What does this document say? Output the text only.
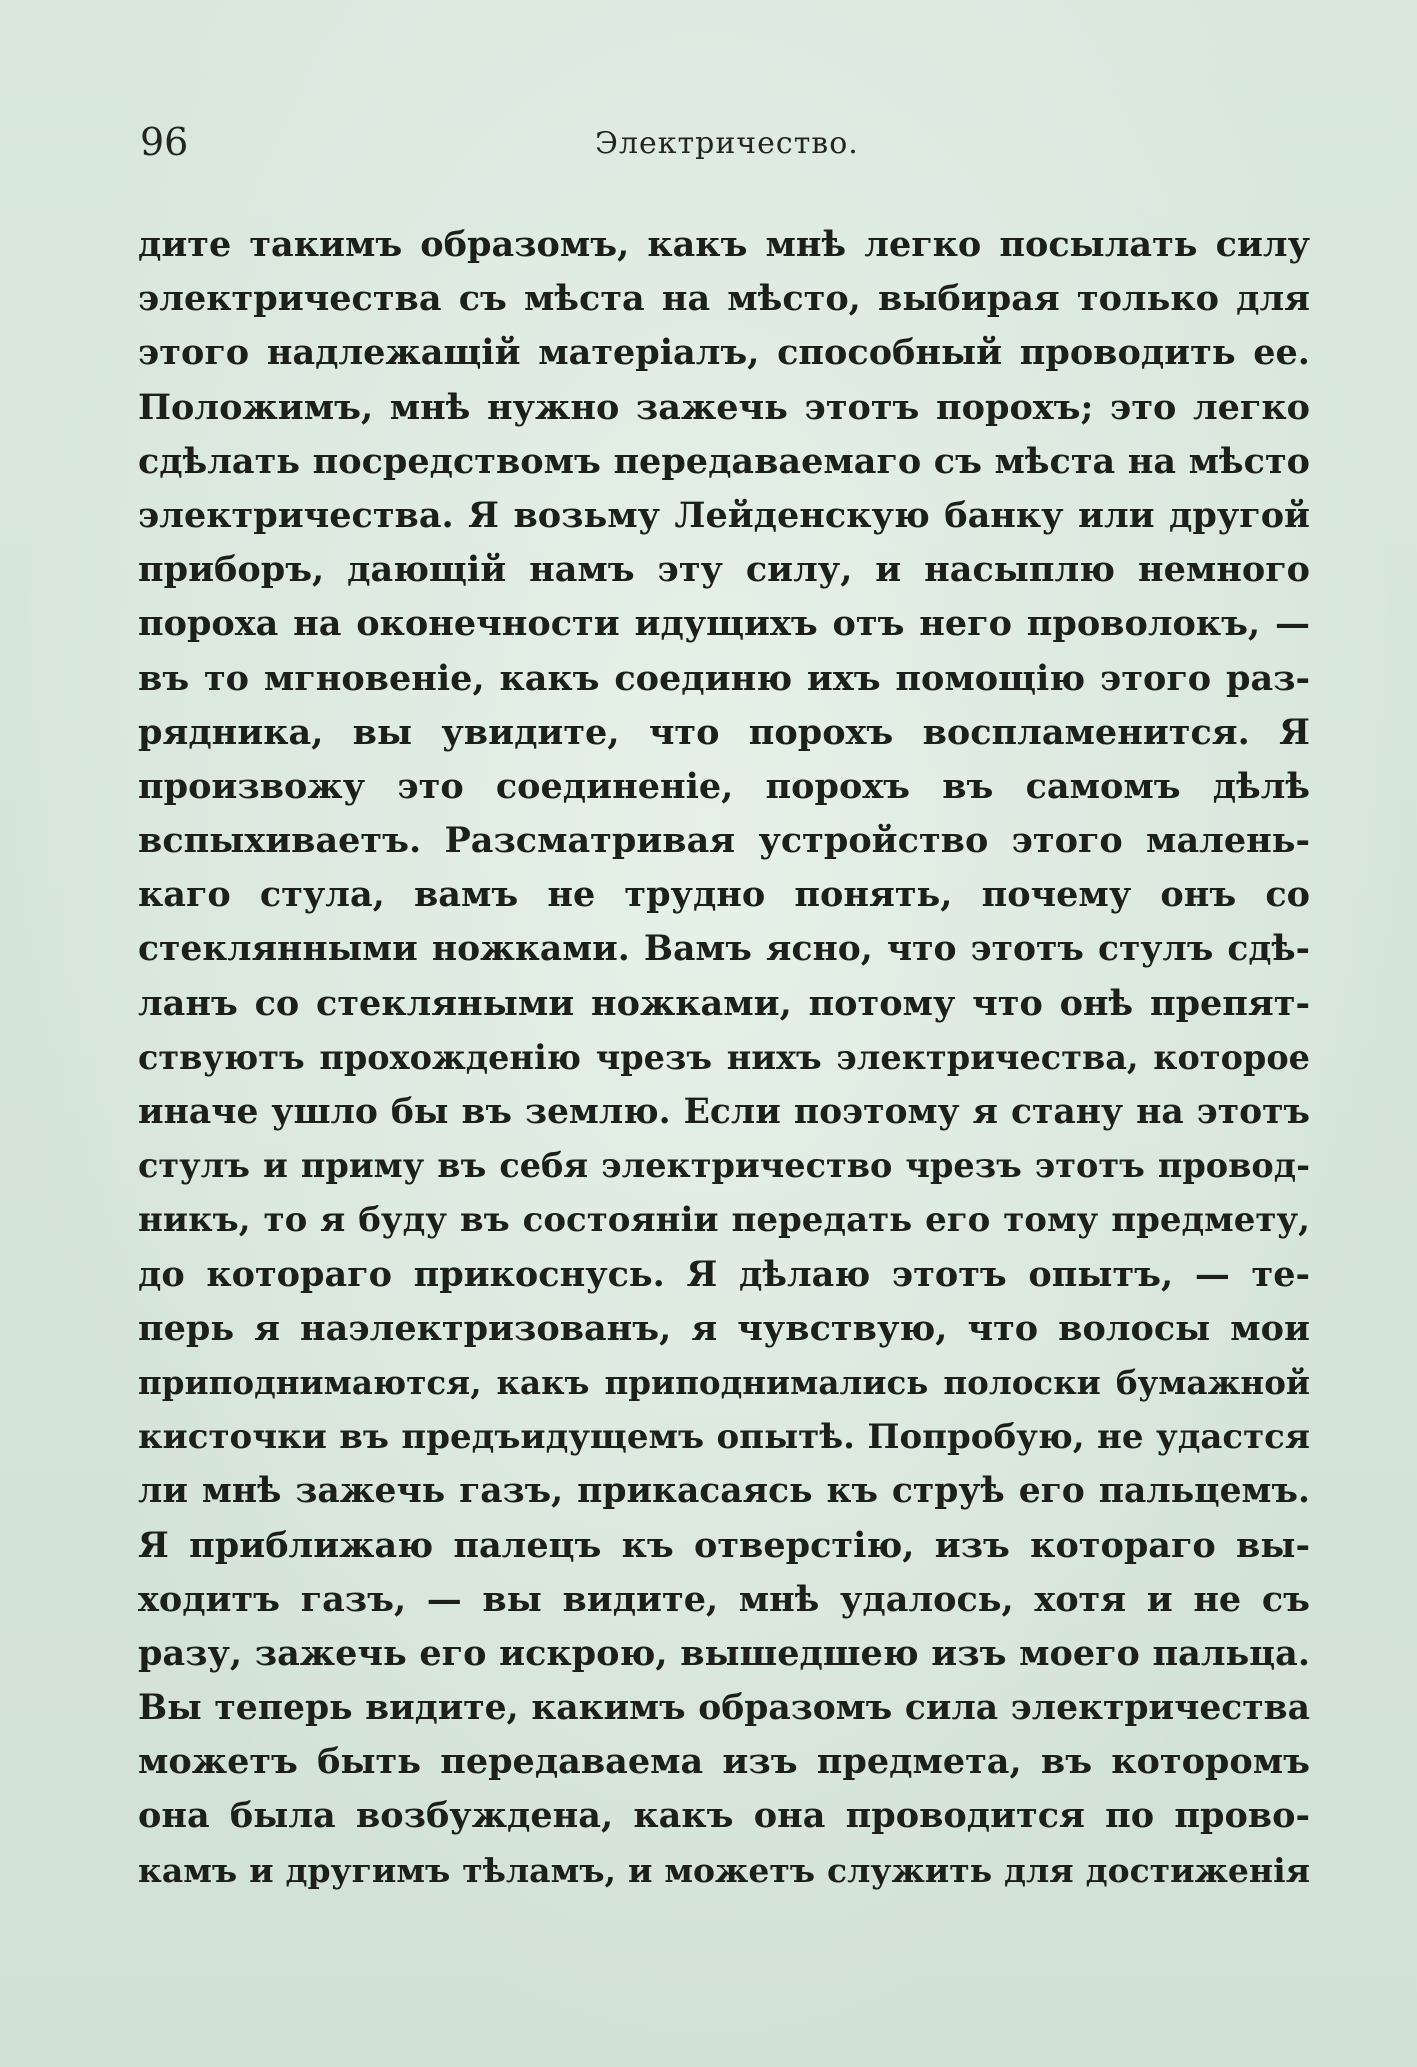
96	Электричество.
дите такимъ образомъ, какъ мнѣ легко посылать силу
электричества съ мѣста на мѣсто, выбирая только для
этого надлежащій матеріалъ, способный проводить ее.
Положимъ, мнѣ нужно зажечь этотъ порохъ; это легко
сдѣлать посредствомъ передаваемаго съ мѣста на мѣсто
электричества. Я возьму Лейденскую банку или другой
приборъ, дающій намъ эту силу, и насыплю немного
пороха на оконечности идущихъ отъ него проволокъ, —
въ то мгновеніе, какъ соединю ихъ помощію этого раз-
рядника, вы увидите, что порохъ воспламенится. Я
произвожу это соединеніе, порохъ въ самомъ дѣлѣ
вспыхиваетъ. Разсматривая устройство этого малень-
каго стула, вамъ не трудно понять, почему онъ со
стеклянными ножками. Вамъ ясно, что этотъ стулъ сдѣ-
ланъ со стекляными ножками, потому что онѣ препят-
ствуютъ прохожденію чрезъ нихъ электричества, которое
иначе ушло бы въ землю. Если поэтому я стану на этотъ
стулъ и приму въ себя электричество чрезъ этотъ провод-
никъ, то я буду въ состояніи передать его тому предмету,
до котораго прикоснусь. Я дѣлаю этотъ опытъ, — те-
перь я наэлектризованъ, я чувствую, что волосы мои
приподнимаются, какъ приподнимались полоски бумажной
кисточки въ предъидущемъ опытѣ. Попробую, не удастся
ли мнѣ зажечь газъ, прикасаясь къ струѣ его пальцемъ.
Я приближаю палецъ къ отверстію, изъ котораго вы-
ходитъ газъ, — вы видите, мнѣ удалось, хотя и не съ
разу, зажечь его искрою, вышедшею изъ моего пальца.
Вы теперь видите, какимъ образомъ сила электричества
можетъ быть передаваема изъ предмета, въ которомъ
она была возбуждена, какъ она проводится по прово-
камъ и другимъ тѣламъ, и можетъ служить для достиженія
